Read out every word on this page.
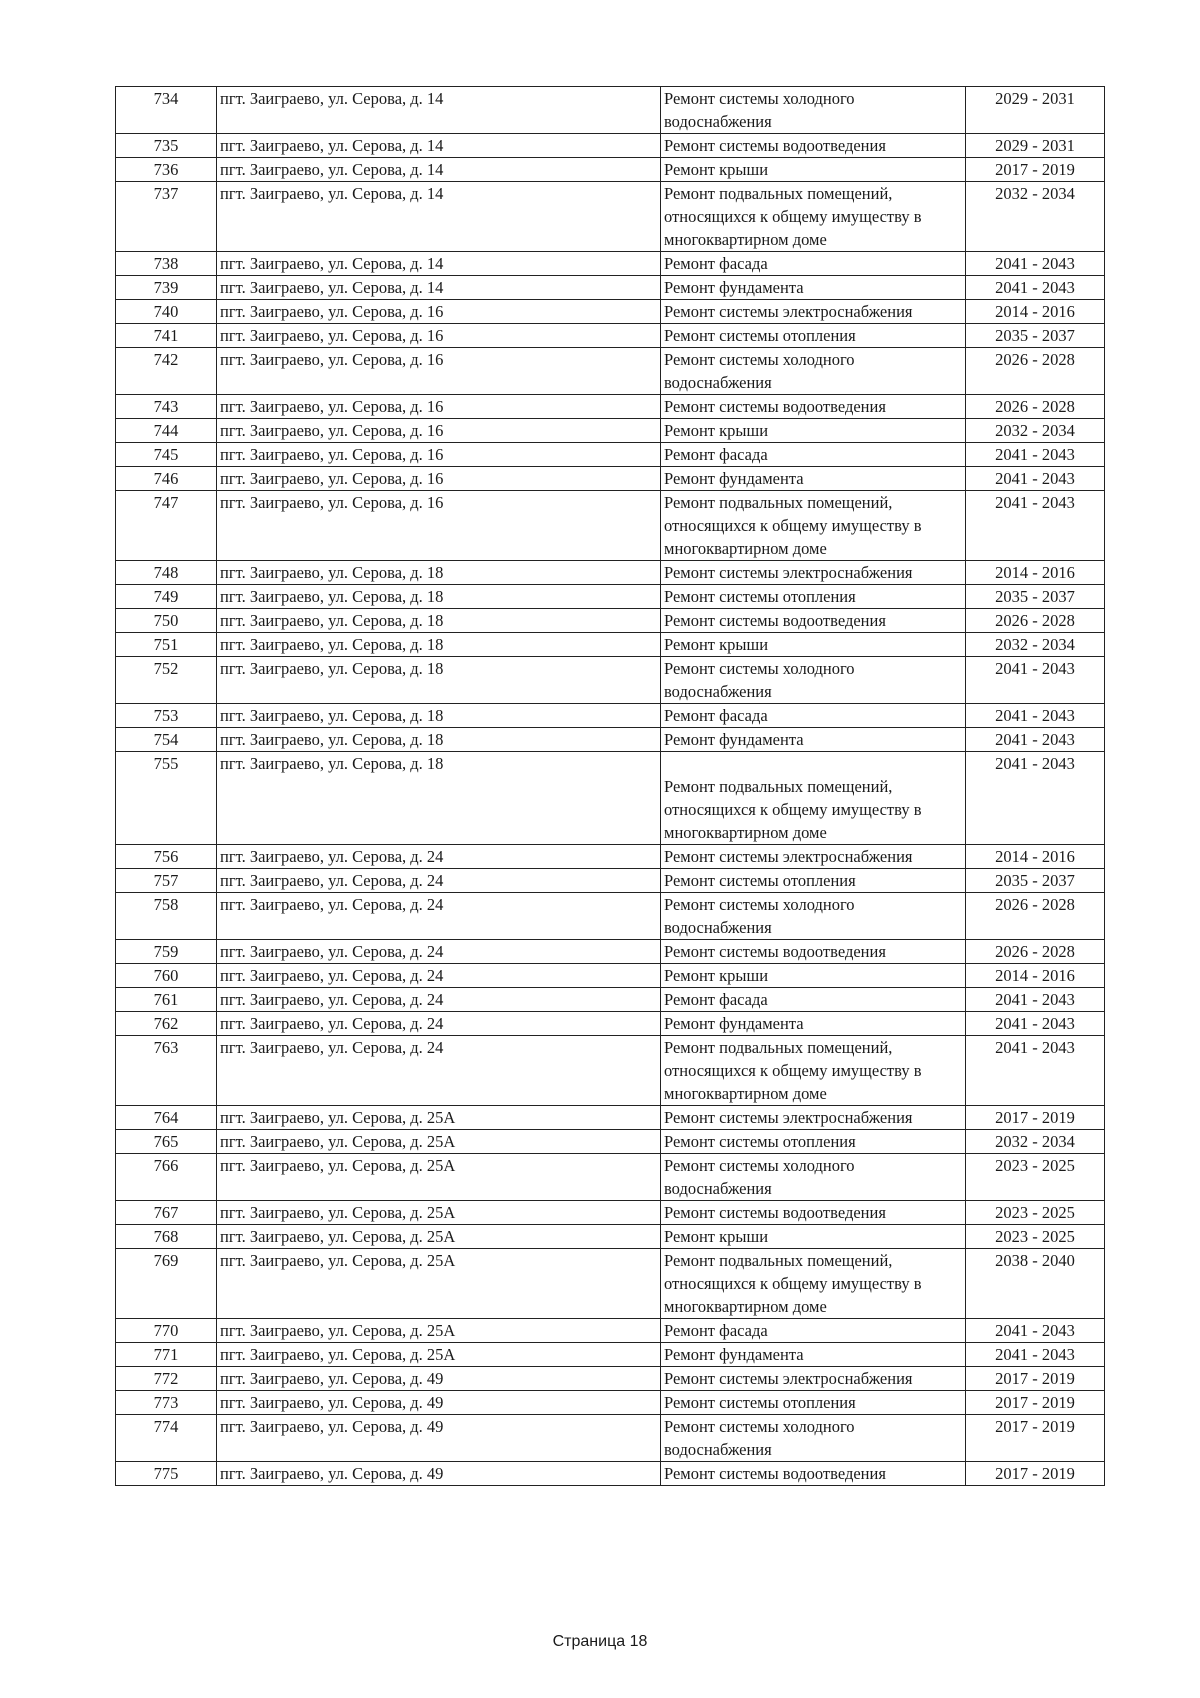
734	пгт. Заиграево, ул. Серова, д. 14	Ремонт системы холодного
водоснабжения	2029 - 2031
735	пгт. Заиграево, ул. Серова, д. 14	Ремонт системы водоотведения	2029 - 2031
736	пгт. Заиграево, ул. Серова, д. 14	Ремонт крыши	2017 - 2019
737	пгт. Заиграево, ул. Серова, д. 14	Ремонт подвальных помещений,
относящихся к общему имуществу в
многоквартирном доме	2032 - 2034
738	пгт. Заиграево, ул. Серова, д. 14	Ремонт фасада	2041 - 2043
739	пгт. Заиграево, ул. Серова, д. 14	Ремонт фундамента	2041 - 2043
740	пгт. Заиграево, ул. Серова, д. 16	Ремонт системы электроснабжения	2014 - 2016
741	пгт. Заиграево, ул. Серова, д. 16	Ремонт системы отопления	2035 - 2037
742	пгт. Заиграево, ул. Серова, д. 16	Ремонт системы холодного
водоснабжения	2026 - 2028
743	пгт. Заиграево, ул. Серова, д. 16	Ремонт системы водоотведения	2026 - 2028
744	пгт. Заиграево, ул. Серова, д. 16	Ремонт крыши	2032 - 2034
745	пгт. Заиграево, ул. Серова, д. 16	Ремонт фасада	2041 - 2043
746	пгт. Заиграево, ул. Серова, д. 16	Ремонт фундамента	2041 - 2043
747	пгт. Заиграево, ул. Серова, д. 16	Ремонт подвальных помещений,
относящихся к общему имуществу в
многоквартирном доме	2041 - 2043
748	пгт. Заиграево, ул. Серова, д. 18	Ремонт системы электроснабжения	2014 - 2016
749	пгт. Заиграево, ул. Серова, д. 18	Ремонт системы отопления	2035 - 2037
750	пгт. Заиграево, ул. Серова, д. 18	Ремонт системы водоотведения	2026 - 2028
751	пгт. Заиграево, ул. Серова, д. 18	Ремонт крыши	2032 - 2034
752	пгт. Заиграево, ул. Серова, д. 18	Ремонт системы холодного
водоснабжения	2041 - 2043
753	пгт. Заиграево, ул. Серова, д. 18	Ремонт фасада	2041 - 2043
754	пгт. Заиграево, ул. Серова, д. 18	Ремонт фундамента	2041 - 2043
755	пгт. Заиграево, ул. Серова, д. 18	
Ремонт подвальных помещений,
относящихся к общему имуществу в
многоквартирном доме	2041 - 2043
756	пгт. Заиграево, ул. Серова, д. 24	Ремонт системы электроснабжения	2014 - 2016
757	пгт. Заиграево, ул. Серова, д. 24	Ремонт системы отопления	2035 - 2037
758	пгт. Заиграево, ул. Серова, д. 24	Ремонт системы холодного
водоснабжения	2026 - 2028
759	пгт. Заиграево, ул. Серова, д. 24	Ремонт системы водоотведения	2026 - 2028
760	пгт. Заиграево, ул. Серова, д. 24	Ремонт крыши	2014 - 2016
761	пгт. Заиграево, ул. Серова, д. 24	Ремонт фасада	2041 - 2043
762	пгт. Заиграево, ул. Серова, д. 24	Ремонт фундамента	2041 - 2043
763	пгт. Заиграево, ул. Серова, д. 24	Ремонт подвальных помещений,
относящихся к общему имуществу в
многоквартирном доме	2041 - 2043
764	пгт. Заиграево, ул. Серова, д. 25А	Ремонт системы электроснабжения	2017 - 2019
765	пгт. Заиграево, ул. Серова, д. 25А	Ремонт системы отопления	2032 - 2034
766	пгт. Заиграево, ул. Серова, д. 25А	Ремонт системы холодного
водоснабжения	2023 - 2025
767	пгт. Заиграево, ул. Серова, д. 25А	Ремонт системы водоотведения	2023 - 2025
768	пгт. Заиграево, ул. Серова, д. 25А	Ремонт крыши	2023 - 2025
769	пгт. Заиграево, ул. Серова, д. 25А	Ремонт подвальных помещений,
относящихся к общему имуществу в
многоквартирном доме	2038 - 2040
770	пгт. Заиграево, ул. Серова, д. 25А	Ремонт фасада	2041 - 2043
771	пгт. Заиграево, ул. Серова, д. 25А	Ремонт фундамента	2041 - 2043
772	пгт. Заиграево, ул. Серова, д. 49	Ремонт системы электроснабжения	2017 - 2019
773	пгт. Заиграево, ул. Серова, д. 49	Ремонт системы отопления	2017 - 2019
774	пгт. Заиграево, ул. Серова, д. 49	Ремонт системы холодного
водоснабжения	2017 - 2019
775	пгт. Заиграево, ул. Серова, д. 49	Ремонт системы водоотведения	2017 - 2019
Страница 18
